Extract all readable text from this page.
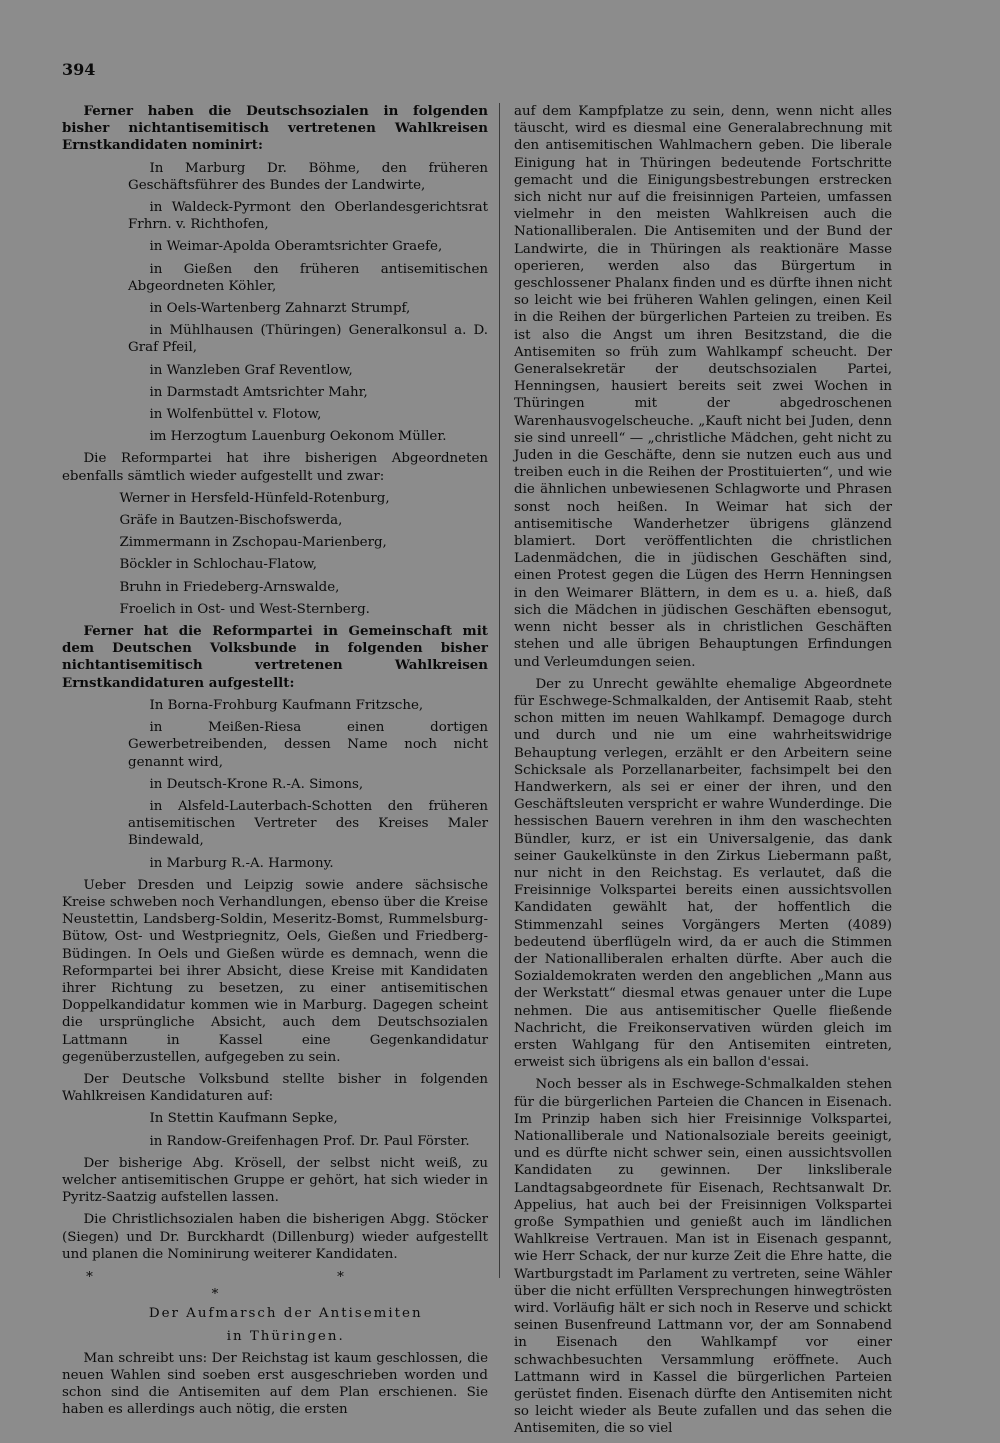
394

Ferner haben die Deutschsozialen in folgenden bisher nichtantisemitisch vertretenen Wahlkreisen Ernstkandidaten nominirt:

In Marburg Dr. Böhme, den früheren Geschäftsführer des Bundes der Landwirte,

in Waldeck-Pyrmont den Oberlandesgerichtsrat Frhrn. v. Richthofen,

in Weimar-Apolda Oberamtsrichter Graefe,

in Gießen den früheren antisemitischen Abgeordneten Köhler,

in Oels-Wartenberg Zahnarzt Strumpf,

in Mühlhausen (Thüringen) Generalkonsul a. D. Graf Pfeil,

in Wanzleben Graf Reventlow,

in Darmstadt Amtsrichter Mahr,

in Wolfenbüttel v. Flotow,

im Herzogtum Lauenburg Oekonom Müller.

Die Reformpartei hat ihre bisherigen Abgeordneten ebenfalls sämtlich wieder aufgestellt und zwar:

Werner in Hersfeld-Hünfeld-Rotenburg,

Gräfe in Bautzen-Bischofswerda,

Zimmermann in Zschopau-Marienberg,

Böckler in Schlochau-Flatow,

Bruhn in Friedeberg-Arnswalde,

Froelich in Ost- und West-Sternberg.

Ferner hat die Reformpartei in Gemeinschaft mit dem Deutschen Volksbunde in folgenden bisher nichtantisemitisch vertretenen Wahlkreisen Ernstkandidaturen aufgestellt:

In Borna-Frohburg Kaufmann Fritzsche,

in Meißen-Riesa einen dortigen Gewerbetreibenden, dessen Name noch nicht genannt wird,

in Deutsch-Krone R.-A. Simons,

in Alsfeld-Lauterbach-Schotten den früheren antisemitischen Vertreter des Kreises Maler Bindewald,

in Marburg R.-A. Harmony.

Ueber Dresden und Leipzig sowie andere sächsische Kreise schweben noch Verhandlungen, ebenso über die Kreise Neustettin, Landsberg-Soldin, Meseritz-Bomst, Rummelsburg-Bütow, Ost- und Westpriegnitz, Oels, Gießen und Friedberg-Büdingen. In Oels und Gießen würde es demnach, wenn die Reformpartei bei ihrer Absicht, diese Kreise mit Kandidaten ihrer Richtung zu besetzen, zu einer antisemitischen Doppelkandidatur kommen wie in Marburg. Dagegen scheint die ursprüngliche Absicht, auch dem Deutschsozialen Lattmann in Kassel eine Gegenkandidatur gegenüberzustellen, aufgegeben zu sein.

Der Deutsche Volksbund stellte bisher in folgenden Wahlkreisen Kandidaturen auf:

In Stettin Kaufmann Sepke,

in Randow-Greifenhagen Prof. Dr. Paul Förster.

Der bisherige Abg. Krösell, der selbst nicht weiß, zu welcher antisemitischen Gruppe er gehört, hat sich wieder in Pyritz-Saatzig aufstellen lassen.

Die Christlichsozialen haben die bisherigen Abgg. Stöcker (Siegen) und Dr. Burckhardt (Dillenburg) wieder aufgestellt und planen die Nominirung weiterer Kandidaten.

* * *

Der Aufmarsch der Antisemiten

in Thüringen.

Man schreibt uns: Der Reichstag ist kaum geschlossen, die neuen Wahlen sind soeben erst ausgeschrieben worden und schon sind die Antisemiten auf dem Plan erschienen. Sie haben es allerdings auch nötig, die ersten

auf dem Kampfplatze zu sein, denn, wenn nicht alles täuscht, wird es diesmal eine Generalabrechnung mit den antisemitischen Wahlmachern geben. Die liberale Einigung hat in Thüringen bedeutende Fortschritte gemacht und die Einigungsbestrebungen erstrecken sich nicht nur auf die freisinnigen Parteien, umfassen vielmehr in den meisten Wahlkreisen auch die Nationalliberalen. Die Antisemiten und der Bund der Landwirte, die in Thüringen als reaktionäre Masse operieren, werden also das Bürgertum in geschlossener Phalanx finden und es dürfte ihnen nicht so leicht wie bei früheren Wahlen gelingen, einen Keil in die Reihen der bürgerlichen Parteien zu treiben. Es ist also die Angst um ihren Besitzstand, die die Antisemiten so früh zum Wahlkampf scheucht. Der Generalsekretär der deutschsozialen Partei, Henningsen, hausiert bereits seit zwei Wochen in Thüringen mit der abgedroschenen Warenhausvogelscheuche. „Kauft nicht bei Juden, denn sie sind unreell“ — „christliche Mädchen, geht nicht zu Juden in die Geschäfte, denn sie nutzen euch aus und treiben euch in die Reihen der Prostituierten“, und wie die ähnlichen unbewiesenen Schlagworte und Phrasen sonst noch heißen. In Weimar hat sich der antisemitische Wanderhetzer übrigens glänzend blamiert. Dort veröffentlichten die christlichen Ladenmädchen, die in jüdischen Geschäften sind, einen Protest gegen die Lügen des Herrn Henningsen in den Weimarer Blättern, in dem es u. a. hieß, daß sich die Mädchen in jüdischen Geschäften ebensogut, wenn nicht besser als in christlichen Geschäften stehen und alle übrigen Behauptungen Erfindungen und Verleumdungen seien.

Der zu Unrecht gewählte ehemalige Abgeordnete für Eschwege-Schmalkalden, der Antisemit Raab, steht schon mitten im neuen Wahlkampf. Demagoge durch und durch und nie um eine wahrheitswidrige Behauptung verlegen, erzählt er den Arbeitern seine Schicksale als Porzellanarbeiter, fachsimpelt bei den Handwerkern, als sei er einer der ihren, und den Geschäftsleuten verspricht er wahre Wunderdinge. Die hessischen Bauern verehren in ihm den waschechten Bündler, kurz, er ist ein Universalgenie, das dank seiner Gaukelkünste in den Zirkus Liebermann paßt, nur nicht in den Reichstag. Es verlautet, daß die Freisinnige Volkspartei bereits einen aussichtsvollen Kandidaten gewählt hat, der hoffentlich die Stimmenzahl seines Vorgängers Merten (4089) bedeutend überflügeln wird, da er auch die Stimmen der Nationalliberalen erhalten dürfte. Aber auch die Sozialdemokraten werden den angeblichen „Mann aus der Werkstatt“ diesmal etwas genauer unter die Lupe nehmen. Die aus antisemitischer Quelle fließende Nachricht, die Freikonservativen würden gleich im ersten Wahlgang für den Antisemiten eintreten, erweist sich übrigens als ein ballon d'essai.

Noch besser als in Eschwege-Schmalkalden stehen für die bürgerlichen Parteien die Chancen in Eisenach. Im Prinzip haben sich hier Freisinnige Volkspartei, Nationalliberale und Nationalsoziale bereits geeinigt, und es dürfte nicht schwer sein, einen aussichtsvollen Kandidaten zu gewinnen. Der linksliberale Landtagsabgeordnete für Eisenach, Rechtsanwalt Dr. Appelius, hat auch bei der Freisinnigen Volkspartei große Sympathien und genießt auch im ländlichen Wahlkreise Vertrauen. Man ist in Eisenach gespannt, wie Herr Schack, der nur kurze Zeit die Ehre hatte, die Wartburgstadt im Parlament zu vertreten, seine Wähler über die nicht erfüllten Versprechungen hinwegtrösten wird. Vorläufig hält er sich noch in Reserve und schickt seinen Busenfreund Lattmann vor, der am Sonnabend in Eisenach den Wahlkampf vor einer schwachbesuchten Versammlung eröffnete. Auch Lattmann wird in Kassel die bürgerlichen Parteien gerüstet finden. Eisenach dürfte den Antisemiten nicht so leicht wieder als Beute zufallen und das sehen die Antisemiten, die so viel
